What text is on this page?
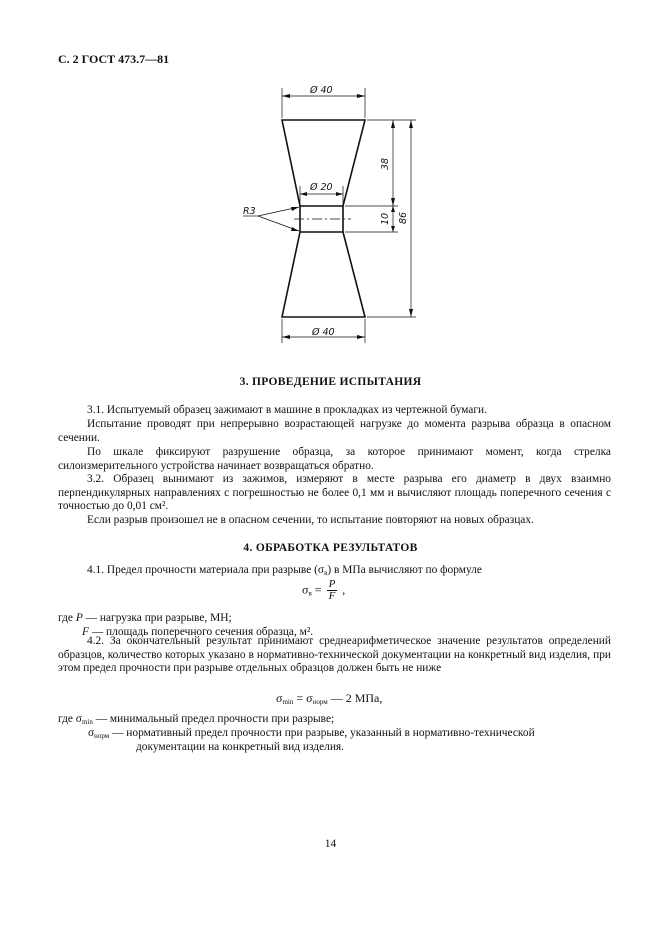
С. 2 ГОСТ 473.7—81

Ø 40
Ø 20
Ø 40
R3
38
10 86

3. ПРОВЕДЕНИЕ ИСПЫТАНИЯ

3.1. Испытуемый образец зажимают в машине в прокладках из чертежной бумаги.

Испытание проводят при непрерывно возрастающей нагрузке до момента разрыва образца в опасном сечении.

По шкале фиксируют разрушение образца, за которое принимают момент, когда стрелка силоизмерительного устройства начинает возвращаться обратно.

3.2. Образец вынимают из зажимов, измеряют в месте разрыва его диаметр в двух взаимно перпендикулярных направлениях с погрешностью не более 0,1 мм и вычисляют площадь поперечного сечения с точностью до 0,01 см².

Если разрыв произошел не в опасном сечении, то испытание повторяют на новых образцах.

4. ОБРАБОТКА РЕЗУЛЬТАТОВ

4.1. Предел прочности материала при разрыве $(\sigma_в)$ в МПа вычисляют по формуле

$\sigma_в = \frac{P}{F}$ ,

где P — нагрузка при разрыве, МН;

F — площадь поперечного сечения образца, м².

4.2. За окончательный результат принимают среднеарифметическое значение результатов определений образцов, количество которых указано в нормативно-технической документации на конкретный вид изделия, при этом предел прочности при разрыве отдельных образцов должен быть не ниже

$\sigma_{min} = \sigma_{норм}$ — 2 МПа,

где $\sigma_{min}$ — минимальный предел прочности при разрыве;

$\sigma_{норм}$ — нормативный предел прочности при разрыве, указанный в нормативно-технической

документации на конкретный вид изделия.

14
